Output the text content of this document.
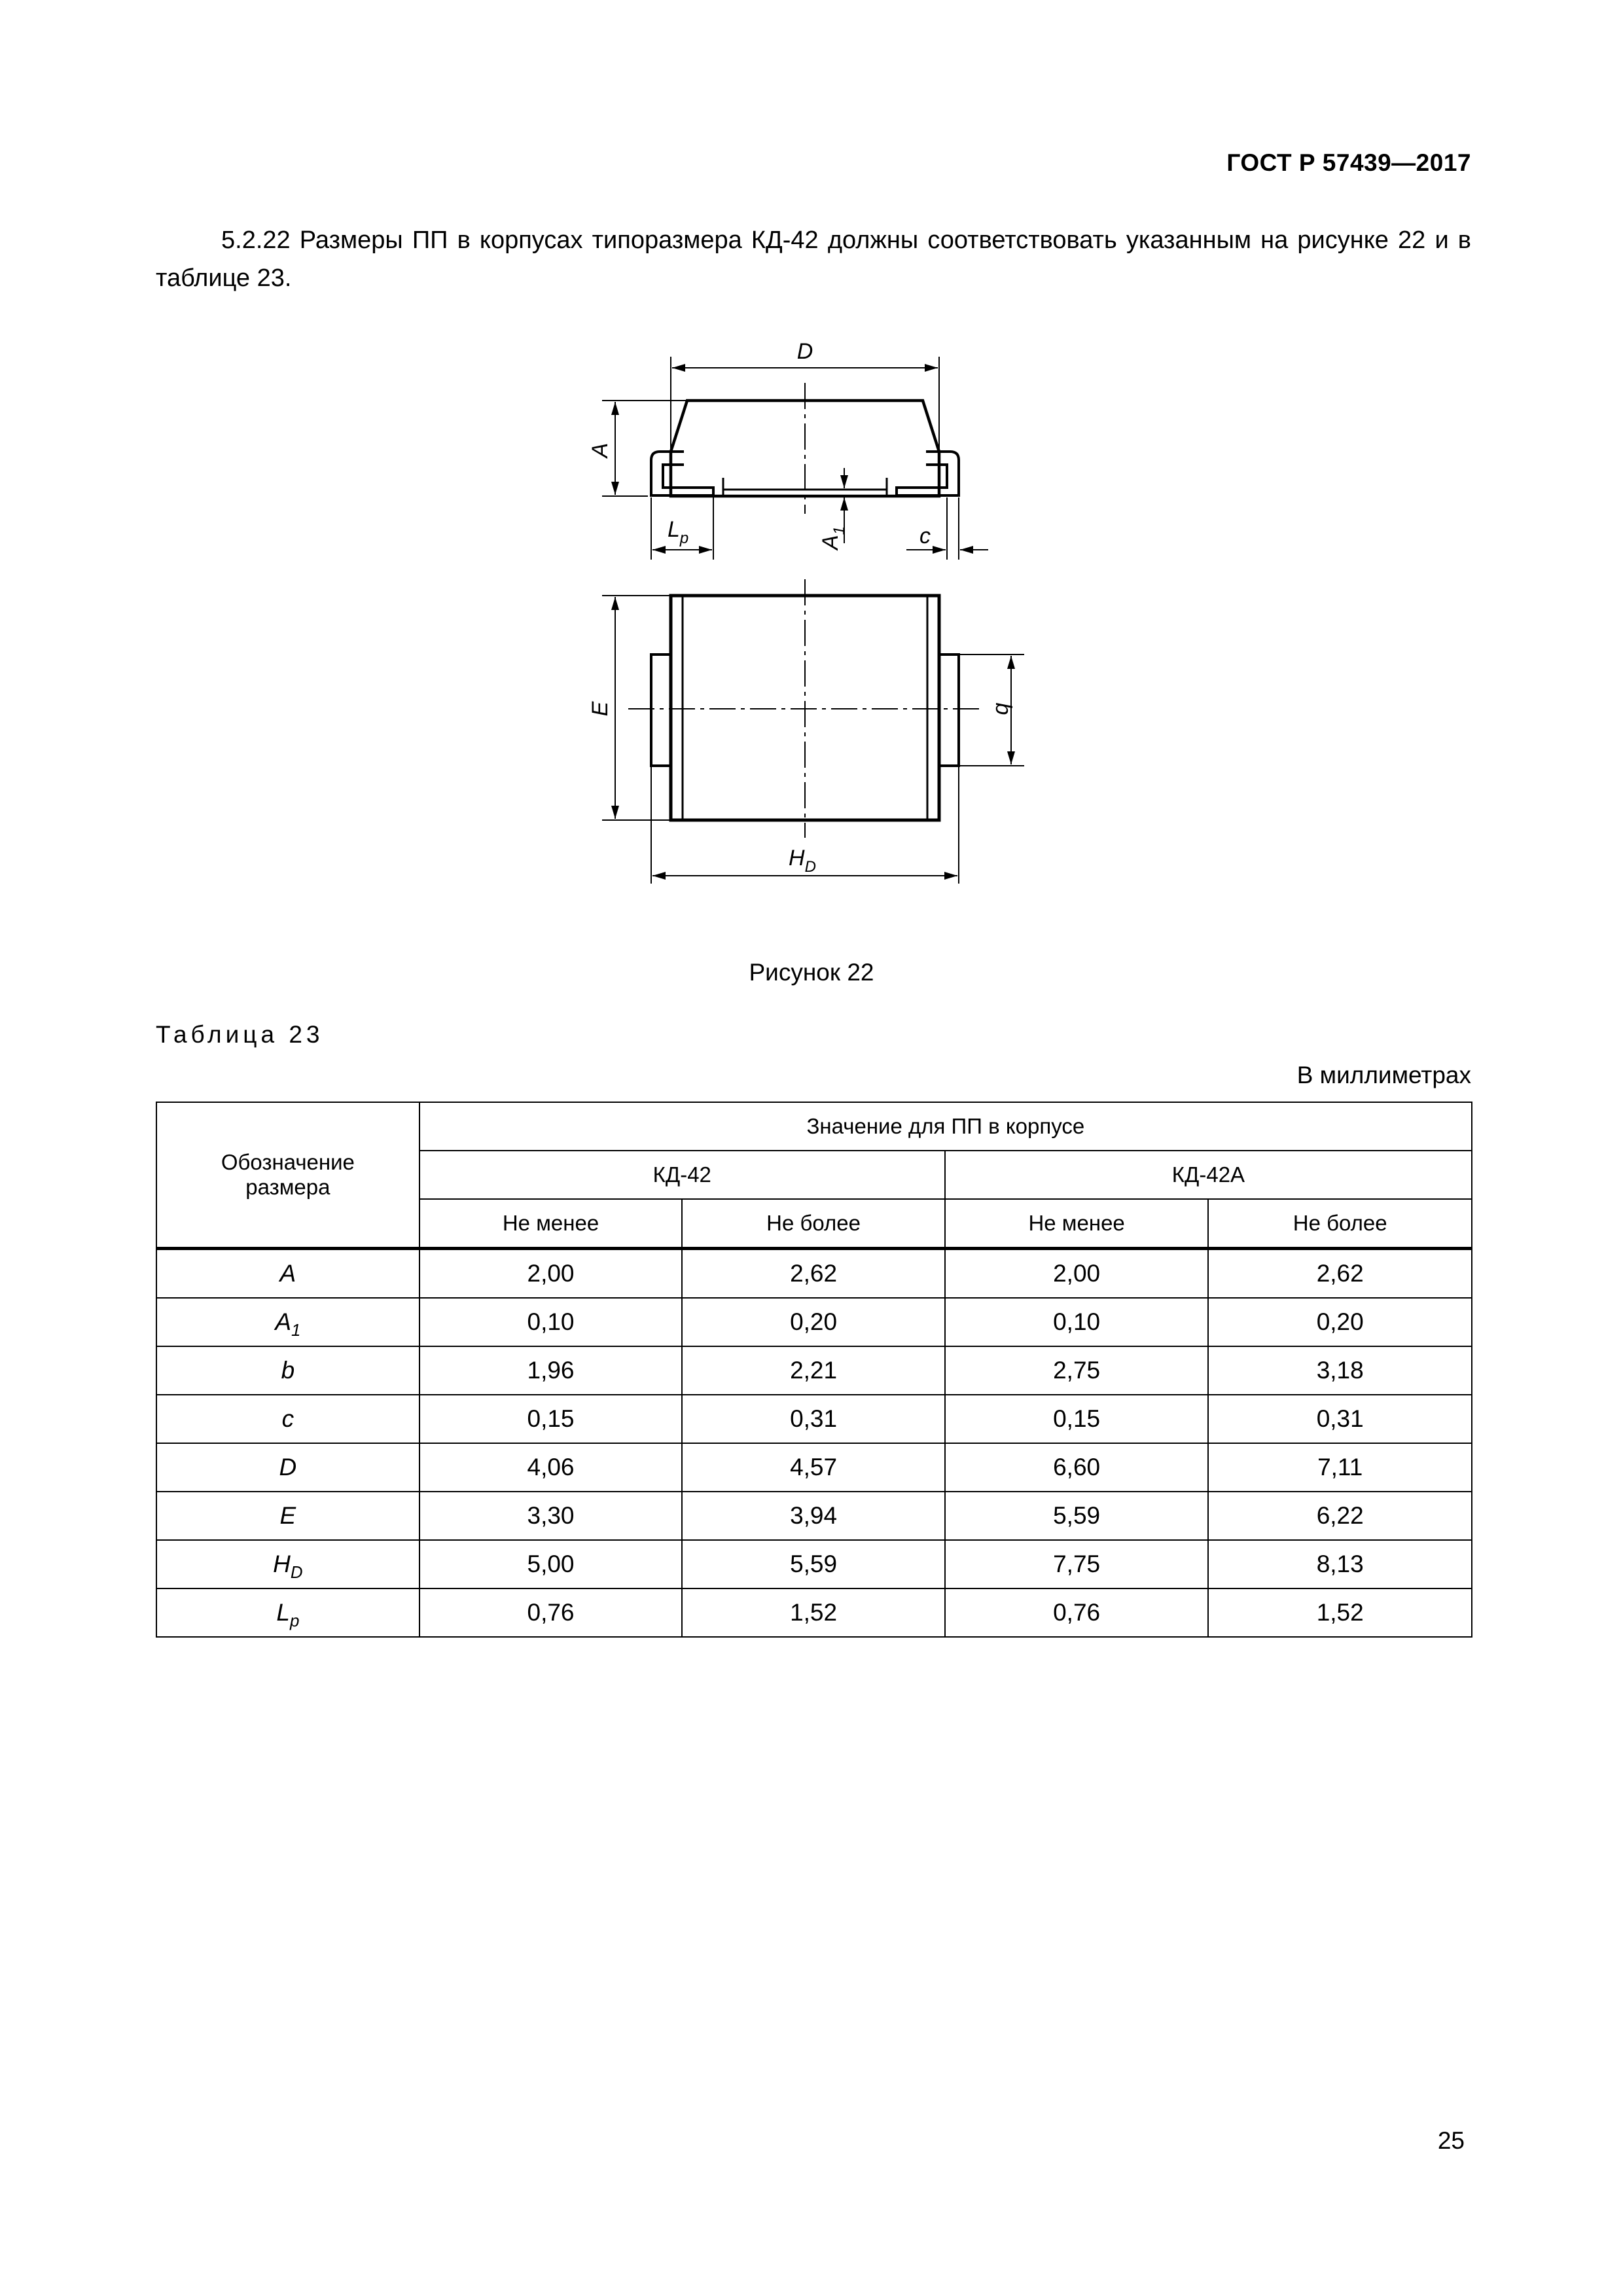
ГОСТ Р 57439—2017
5.2.22 Размеры ПП в корпусах типоразмера КД-42 должны соответствовать указанным на рисунке 22 и в таблице 23.
D
A
$A_1$
$L_p$	c
E	b
$H_D$
Рисунок 22
Таблица 23
В миллиметрах
Обозначение размера	Значение для ПП в корпусе			
	КД-42		КД-42А	
	Не менее	Не более	Не менее	Не более
A	2,00	2,62	2,00	2,62
$A_1$	0,10	0,20	0,10	0,20
b	1,96	2,21	2,75	3,18
c	0,15	0,31	0,15	0,31
D	4,06	4,57	6,60	7,11
E	3,30	3,94	5,59	6,22
$H_D$	5,00	5,59	7,75	8,13
$L_p$	0,76	1,52	0,76	1,52
25
